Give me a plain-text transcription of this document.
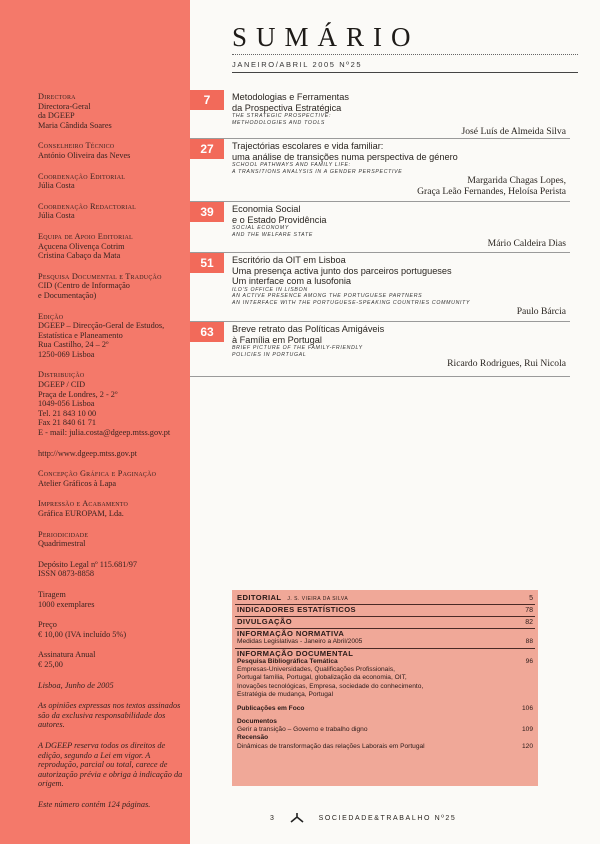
Directora
Directora-Geral
da DGEEP
Maria Cândida Soares
Conselheiro Técnico
António Oliveira das Neves
Coordenação Editorial
Júlia Costa
Coordenação Redactorial
Júlia Costa
Equipa de Apoio Editorial
Açucena Olivença Cotrim
Cristina Cabaço da Mata
Pesquisa Documental e Tradução
CID (Centro de Informação
e Documentação)
Edição
DGEEP – Direcção-Geral de Estudos,
Estatística e Planeamento
Rua Castilho, 24 – 2º
1250-069 Lisboa
Distribuição
DGEEP / CID
Praça de Londres, 2 - 2º
1049-056 Lisboa
Tel. 21 843 10 00
Fax 21 840 61 71
E - mail: julia.costa@dgeep.mtss.gov.pt
http://www.dgeep.mtss.gov.pt
Concepção Gráfica e Paginação
Atelier Gráficos à Lapa
Impressão e Acabamento
Gráfica EUROPAM, Lda.
Periodicidade
Quadrimestral
Depósito Legal nº 115.681/97
ISSN 0873-8858
Tiragem
1000 exemplares
Preço
€ 10,00 (IVA incluído 5%)
Assinatura Anual
€ 25,00
Lisboa, Junho de 2005
As opiniões expressas nos textos assinados são da exclusiva responsabilidade dos autores.
A DGEEP reserva todos os direitos de edição, segundo a Lei em vigor. A reprodução, parcial ou total, carece de autorização prévia e obriga à indicação da origem.
Este número contém 124 páginas.
SUMÁRIO
JANEIRO/ABRIL 2005 Nº25
7	Metodologias e Ferramentas
da Prospectiva Estratégica
THE STRATEGIC PROSPECTIVE:
METHODOLOGIES AND TOOLS
José Luís de Almeida Silva
27	Trajectórias escolares e vida familiar:
uma análise de transições numa perspectiva de género
SCHOOL PATHWAYS AND FAMILY LIFE:
A TRANSITIONS ANALYSIS IN A GENDER PERSPECTIVE
Margarida Chagas Lopes,
Graça Leão Fernandes, Heloísa Perista
39	Economia Social
e o Estado Providência
SOCIAL ECONOMY
AND THE WELFARE STATE
Mário Caldeira Dias
51	Escritório da OIT em Lisboa
Uma presença activa junto dos parceiros portugueses
Um interface com a lusofonia
ILO'S OFFICE IN LISBON
AN ACTIVE PRESENCE AMONG THE PORTUGUESE PARTNERS
AN INTERFACE WITH THE PORTUGUESE-SPEAKING COUNTRIES COMMUNITY
Paulo Bárcia
63	Breve retrato das Políticas Amigáveis
à Família em Portugal
BRIEF PICTURE OF THE FAMILY-FRIENDLY
POLICIES IN PORTUGAL
Ricardo Rodrigues, Rui Nicola
EDITORIAL J. S. VIEIRA DA SILVA	5
INDICADORES ESTATÍSTICOS	78
DIVULGAÇÃO	82
INFORMAÇÃO NORMATIVA
Medidas Legislativas - Janeiro a Abril/2005	88
INFORMAÇÃO DOCUMENTAL
Pesquisa Bibliográfica Temática	96
Empresas-Universidades, Qualificações Profissionais,
Portugal família, Portugal, globalização da economia, OIT,
Inovações tecnológicas, Empresa, sociedade do conhecimento,
Estratégia de mudança, Portugal
Publicações em Foco	106
Documentos
Gerir a transição – Governo e trabalho digno	109
Recensão
Dinâmicas de transformação das relações Laborais em Portugal	120
3	SOCIEDADE&TRABALHO Nº25
